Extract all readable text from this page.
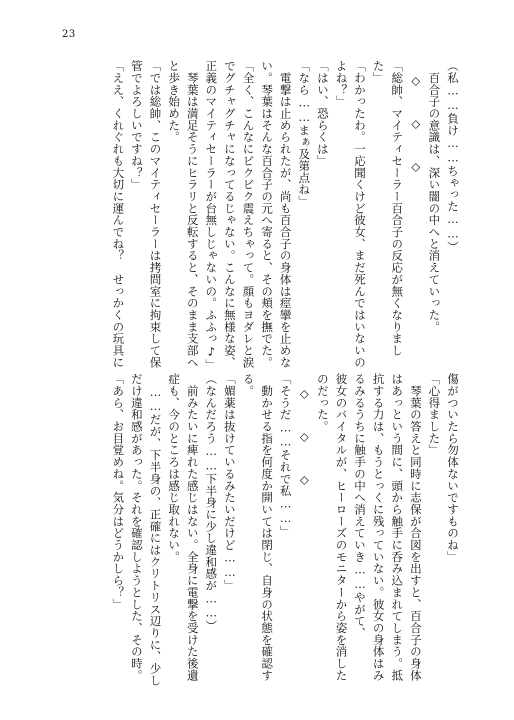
23
（私……負け……ちゃった……）
　百合子の意識は、深い闇の中へと消えていった。
　◇　　◇　　◇
「総帥、マイティセーラー百合子の反応が無くなりまし
た」
「わかったわ。一応聞くけど彼女、まだ死んではいないの
よね？」
「はい、恐らくは」
「なら……まぁ及第点ね」
　電撃は止められたが、尚も百合子の身体は痙攣を止めな
い。琴葉はそんな百合子の元へ寄ると、その頬を撫でた。
「全く、こんなにビクビク震えちゃって。顔もヨダレと涙
でグチャグチャになってるじゃない。こんなに無様な姿、
正義のマイティセーラーが台無しじゃないの。ふふっ♪」
　琴葉は満足そうにヒラリと反転すると、そのまま支部へ
と歩き始めた。
「では総帥、このマイティセーラーは拷問室に拘束して保
管でよろしいですね？」
「ええ、くれぐれも大切に運んでね？　せっかくの玩具に
傷がついたら勿体ないですものね」
「心得ました」
　琴葉の答えと同時に志保が合図を出すと、百合子の身体
はあっという間に、頭から触手に呑み込まれてしまう。抵
抗する力は、もうとっくに残っていない。彼女の身体はみ
るみるうちに触手の中へ消えていき……やがて、
彼女のバイタルが、ヒーローズのモニターから姿を消した
のだった。
　◇　　◇　　◇
「そうだ……それで私……」
　動かせる指を何度か開いては閉じ、自身の状態を確認す
る。
「媚薬は抜けているみたいだけど……」
（なんだろう……下半身に少し違和感が……）
　前みたいに痺れた感じはない。全身に電撃を受けた後遺
症も、今のところは感じ取れない。
　……だが、下半身の、正確にはクリトリス辺りに、少し
だけ違和感があった。それを確認しようとした、その時。
「あら、お目覚めね。気分はどうかしら？」
